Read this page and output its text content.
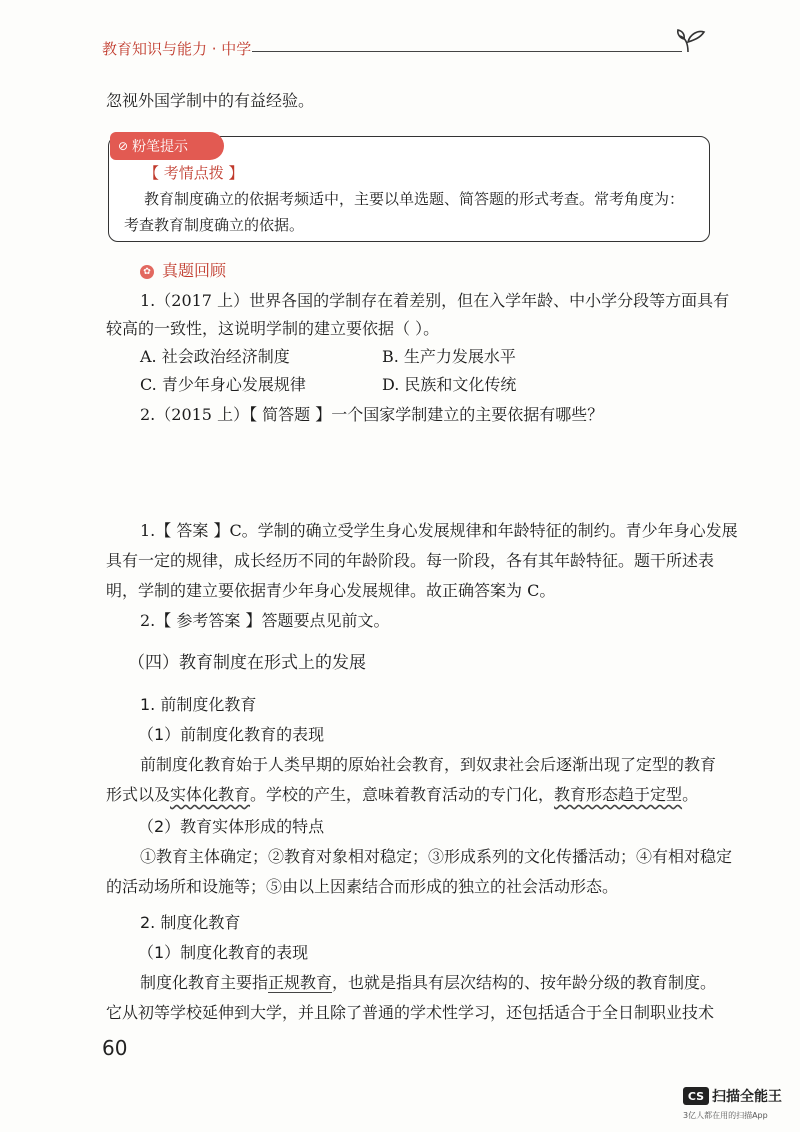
教育知识与能力 · 中学
忽视外国学制中的有益经验。
⊘ 粉笔提示
【 考情点拨 】
教育制度确立的依据考频适中，主要以单选题、简答题的形式考查。常考角度为：
考查教育制度确立的依据。
✿ 真题回顾
1.（2017 上）世界各国的学制存在着差别，但在入学年龄、中小学分段等方面具有
较高的一致性，这说明学制的建立要依据（ ）。
A. 社会政治经济制度	B. 生产力发展水平
C. 青少年身心发展规律	D. 民族和文化传统
2.（2015 上）【 简答题 】一个国家学制建立的主要依据有哪些？
1.【 答案 】C。学制的确立受学生身心发展规律和年龄特征的制约。青少年身心发展
具有一定的规律，成长经历不同的年龄阶段。每一阶段，各有其年龄特征。题干所述表
明，学制的建立要依据青少年身心发展规律。故正确答案为 C。
2.【 参考答案 】答题要点见前文。
（四）教育制度在形式上的发展
1. 前制度化教育
（1）前制度化教育的表现
前制度化教育始于人类早期的原始社会教育，到奴隶社会后逐渐出现了定型的教育
形式以及实体化教育。学校的产生，意味着教育活动的专门化，教育形态趋于定型。
（2）教育实体形成的特点
①教育主体确定；②教育对象相对稳定；③形成系列的文化传播活动；④有相对稳定
的活动场所和设施等；⑤由以上因素结合而形成的独立的社会活动形态。
2. 制度化教育
（1）制度化教育的表现
制度化教育主要指正规教育，也就是指具有层次结构的、按年龄分级的教育制度。
它从初等学校延伸到大学，并且除了普通的学术性学习，还包括适合于全日制职业技术
60
CS 扫描全能王
3亿人都在用的扫描App
